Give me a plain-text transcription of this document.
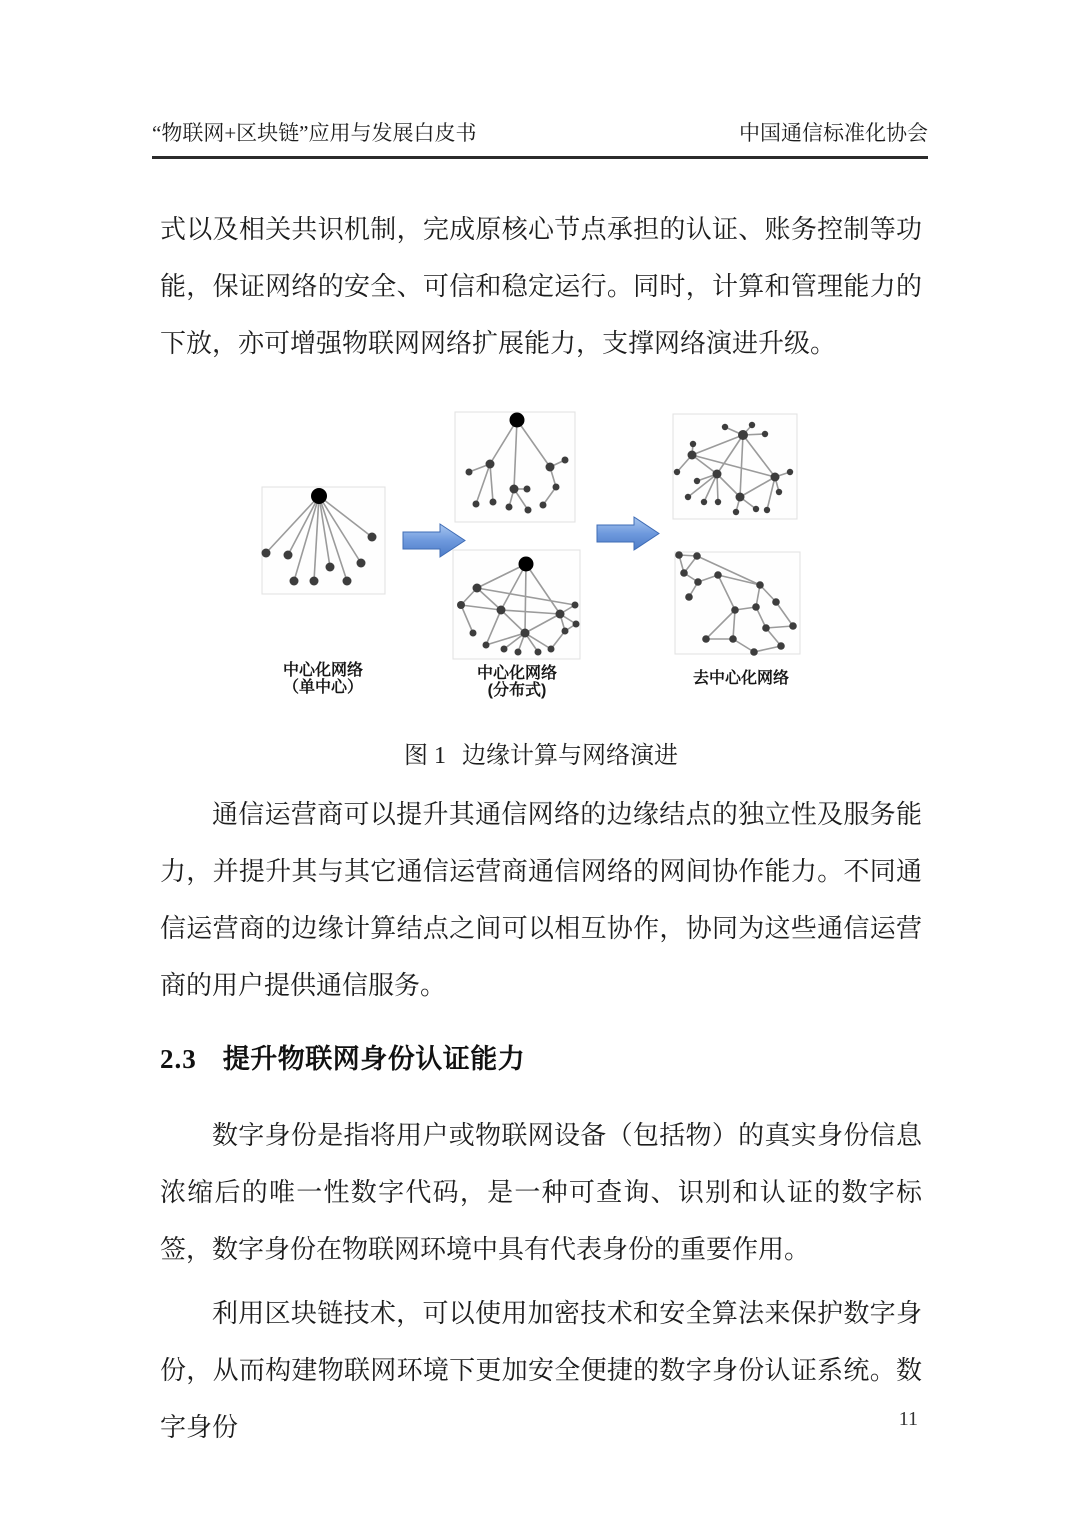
“物联网+区块链”应用与发展白皮书	中国通信标准化协会

式以及相关共识机制，完成原核心节点承担的认证、账务控制等功能，保证网络的安全、可信和稳定运行。同时，计算和管理能力的下放，亦可增强物联网网络扩展能力，支撑网络演进升级。

中心化网络
（单中心）
中心化网络
(分布式)
去中心化网络
图 1 边缘计算与网络演进

通信运营商可以提升其通信网络的边缘结点的独立性及服务能力，并提升其与其它通信运营商通信网络的网间协作能力。不同通信运营商的边缘计算结点之间可以相互协作，协同为这些通信运营商的用户提供通信服务。

2.3 提升物联网身份认证能力

数字身份是指将用户或物联网设备（包括物）的真实身份信息浓缩后的唯一性数字代码，是一种可查询、识别和认证的数字标签，数字身份在物联网环境中具有代表身份的重要作用。

利用区块链技术，可以使用加密技术和安全算法来保护数字身份，从而构建物联网环境下更加安全便捷的数字身份认证系统。数字身份	11
